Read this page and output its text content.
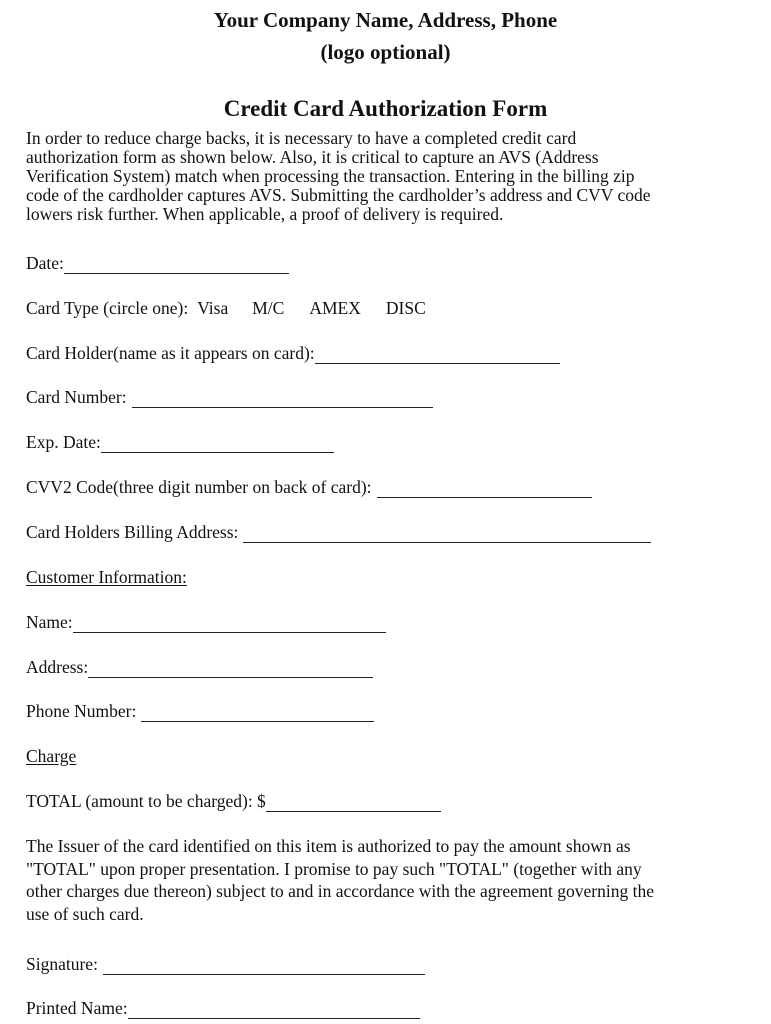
Your Company Name, Address, Phone
(logo optional)
Credit Card Authorization Form
In order to reduce charge backs, it is necessary to have a completed credit card
authorization form as shown below. Also, it is critical to capture an AVS (Address
Verification System) match when processing the transaction. Entering in the billing zip
code of the cardholder captures AVS. Submitting the cardholder’s address and CVV code
lowers risk further. When applicable, a proof of delivery is required.
Date:
Card Type (circle one): Visa M/C AMEX DISC
Card Holder(name as it appears on card):
Card Number:
Exp. Date:
CVV2 Code(three digit number on back of card):
Card Holders Billing Address:
Customer Information:
Name:
Address:
Phone Number:
Charge
TOTAL (amount to be charged): $
The Issuer of the card identified on this item is authorized to pay the amount shown as
"TOTAL" upon proper presentation. I promise to pay such "TOTAL" (together with any
other charges due thereon) subject to and in accordance with the agreement governing the
use of such card.
Signature:
Printed Name:
